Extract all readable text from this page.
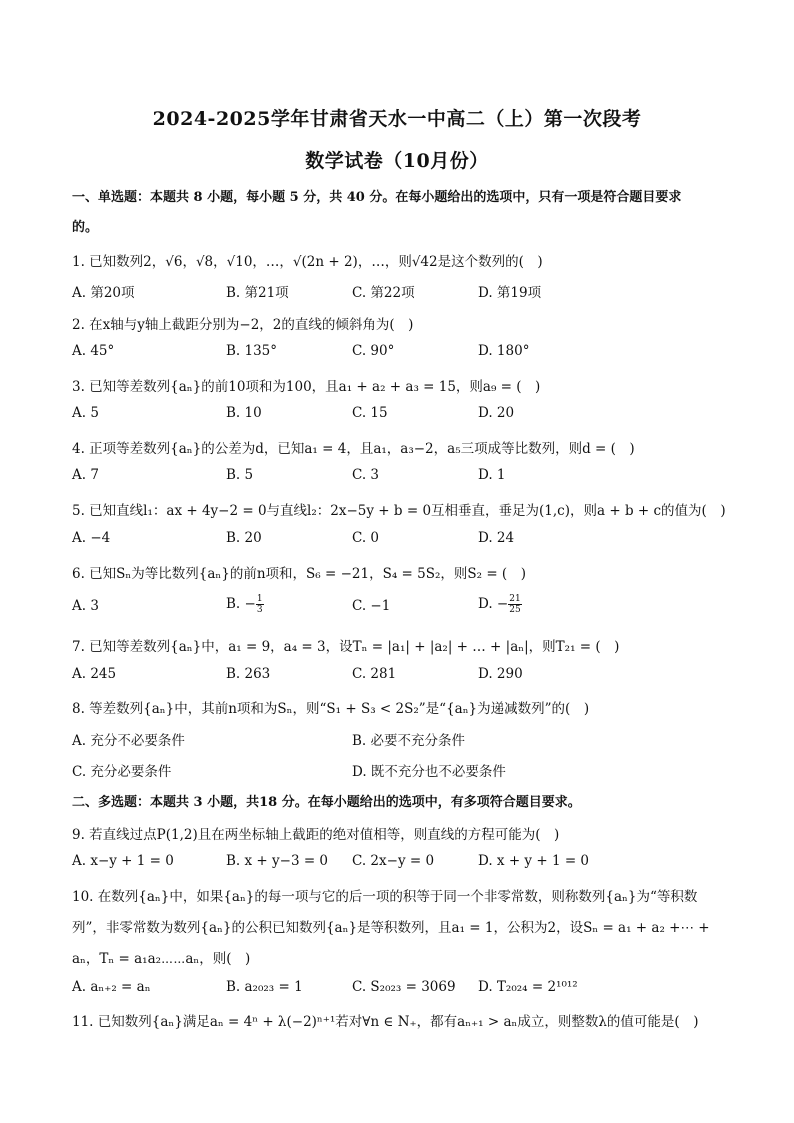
2024-2025学年甘肃省天水一中高二（上）第一次段考
数学试卷（10月份）
一、单选题：本题共 8 小题，每小题 5 分，共 40 分。在每小题给出的选项中，只有一项是符合题目要求
的。
1. 已知数列2，√6，√8，√10，…，√(2n + 2)，…，则√42是这个数列的(　)
A. 第20项	B. 第21项	C. 第22项	D. 第19项
2. 在x轴与y轴上截距分别为−2，2的直线的倾斜角为(　)
A. 45°	B. 135°	C. 90°	D. 180°
3. 已知等差数列{aₙ}的前10项和为100，且a₁ + a₂ + a₃ = 15，则a₉ = (　)
A. 5	B. 10	C. 15	D. 20
4. 正项等差数列{aₙ}的公差为d，已知a₁ = 4，且a₁，a₃−2，a₅三项成等比数列，则d = (　)
A. 7	B. 5	C. 3	D. 1
5. 已知直线l₁：ax + 4y−2 = 0与直线l₂：2x−5y + b = 0互相垂直，垂足为(1,c)，则a + b + c的值为(　)
A. −4	B. 20	C. 0	D. 24
6. 已知Sₙ为等比数列{aₙ}的前n项和，S₆ = −21，S₄ = 5S₂，则S₂ = (　)
A. 3	B. − $\frac{1}{3}$	C. −1	D. − $\frac{21}{25}$
7. 已知等差数列{aₙ}中，a₁ = 9，a₄ = 3，设Tₙ = |a₁| + |a₂| + … + |aₙ|，则T₂₁ = (　)
A. 245	B. 263	C. 281	D. 290
8. 等差数列{aₙ}中，其前n项和为Sₙ，则“S₁ + S₃ < 2S₂”是“{aₙ}为递减数列”的(　)
A. 充分不必要条件	B. 必要不充分条件
C. 充分必要条件	D. 既不充分也不必要条件
二、多选题：本题共 3 小题，共18 分。在每小题给出的选项中，有多项符合题目要求。
9. 若直线过点P(1,2)且在两坐标轴上截距的绝对值相等，则直线的方程可能为(　)
A. x−y + 1 = 0	B. x + y−3 = 0 C. 2x−y = 0	D. x + y + 1 = 0
10. 在数列{aₙ}中，如果{aₙ}的每一项与它的后一项的积等于同一个非零常数，则称数列{aₙ}为“等积数
列”，非零常数为数列{aₙ}的公积已知数列{aₙ}是等积数列，且a₁ = 1，公积为2，设Sₙ = a₁ + a₂ +⋯ +
aₙ，Tₙ = a₁a₂⋯⋯aₙ，则(　)
A. aₙ₊₂ = aₙ	B. a₂₀₂₃ = 1	C. S₂₀₂₃ = 3069 D. T₂₀₂₄ = 2¹⁰¹²
11. 已知数列{aₙ}满足aₙ = 4ⁿ + λ(−2)ⁿ⁺¹若对∀n ∈ N₊，都有aₙ₊₁ > aₙ成立，则整数λ的值可能是(　)
